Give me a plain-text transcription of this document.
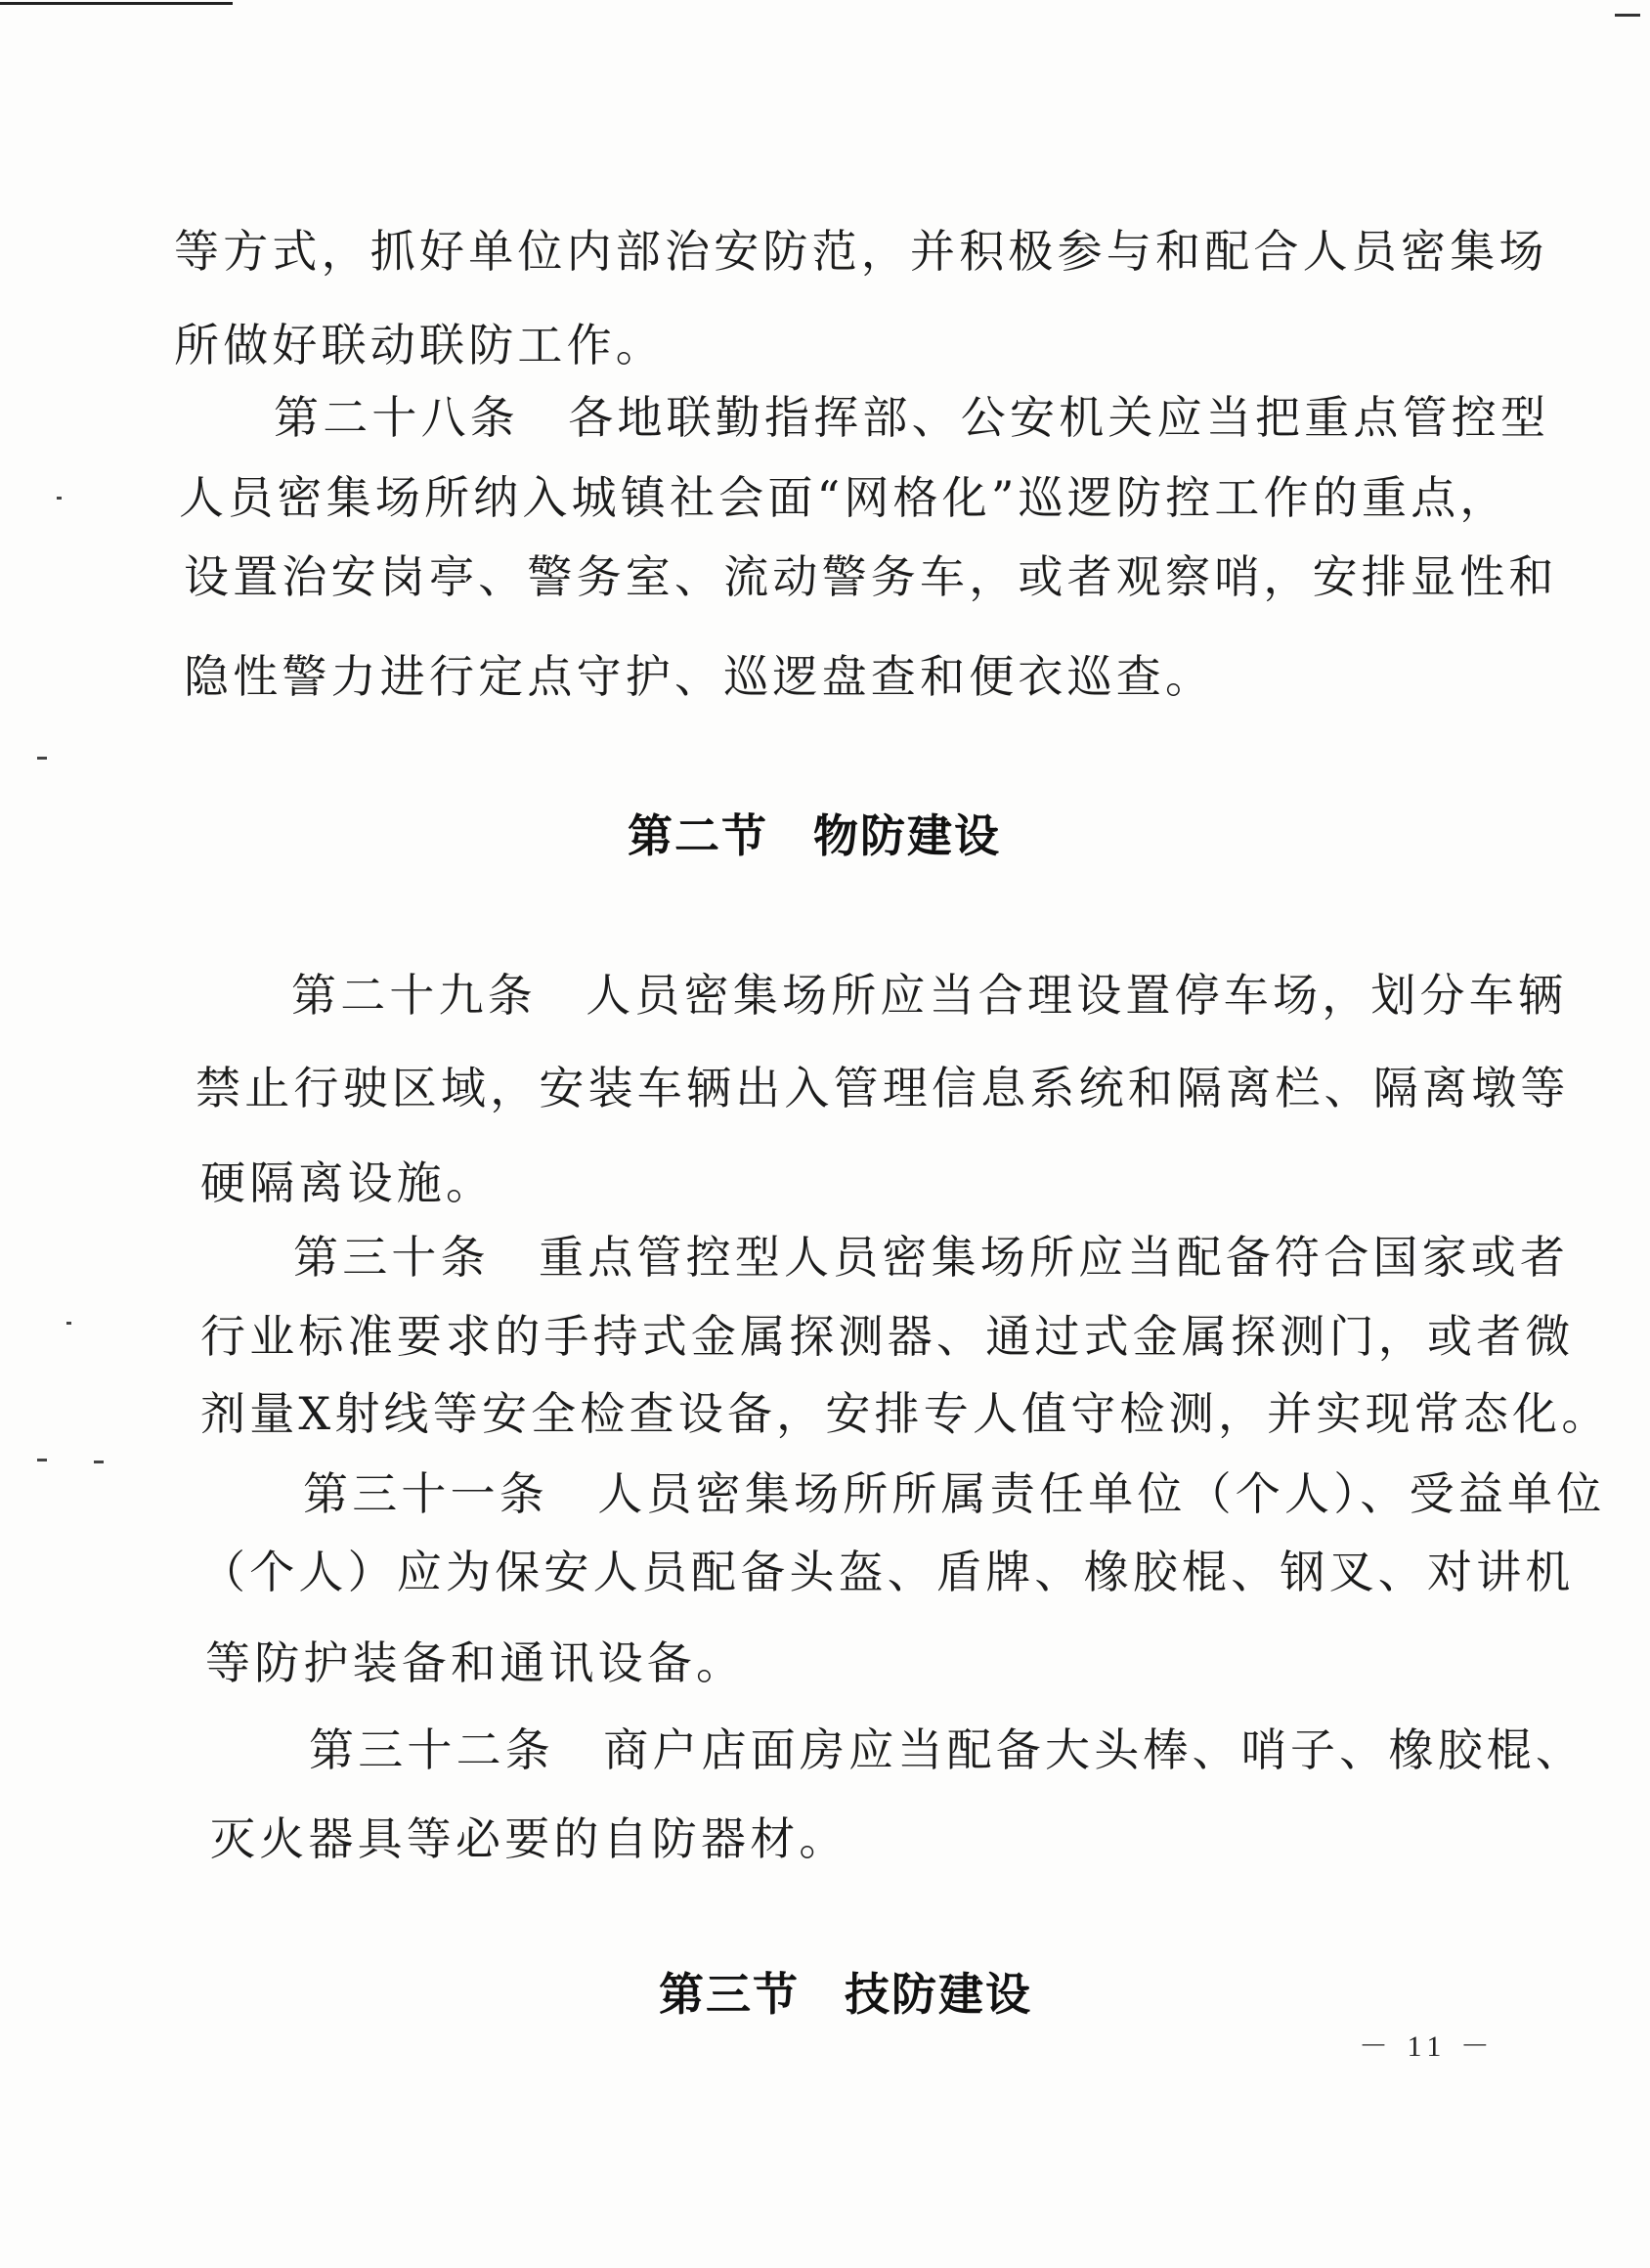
等方式，抓好单位内部治安防范，并积极参与和配合人员密集场
所做好联动联防工作。
第二十八条　各地联勤指挥部、公安机关应当把重点管控型
人员密集场所纳入城镇社会面“网格化”巡逻防控工作的重点，
设置治安岗亭、警务室、流动警务车，或者观察哨，安排显性和
隐性警力进行定点守护、巡逻盘查和便衣巡查。
第二节 物防建设
第二十九条　人员密集场所应当合理设置停车场，划分车辆
禁止行驶区域，安装车辆出入管理信息系统和隔离栏、隔离墩等
硬隔离设施。
第三十条　重点管控型人员密集场所应当配备符合国家或者
行业标准要求的手持式金属探测器、通过式金属探测门，或者微
剂量X射线等安全检查设备，安排专人值守检测，并实现常态化。
第三十一条　人员密集场所所属责任单位（个人）、受益单位
（个人）应为保安人员配备头盔、盾牌、橡胶棍、钢叉、对讲机
等防护装备和通讯设备。
第三十二条　商户店面房应当配备大头棒、哨子、橡胶棍、
灭火器具等必要的自防器材。
第三节 技防建设
－ 11 －
